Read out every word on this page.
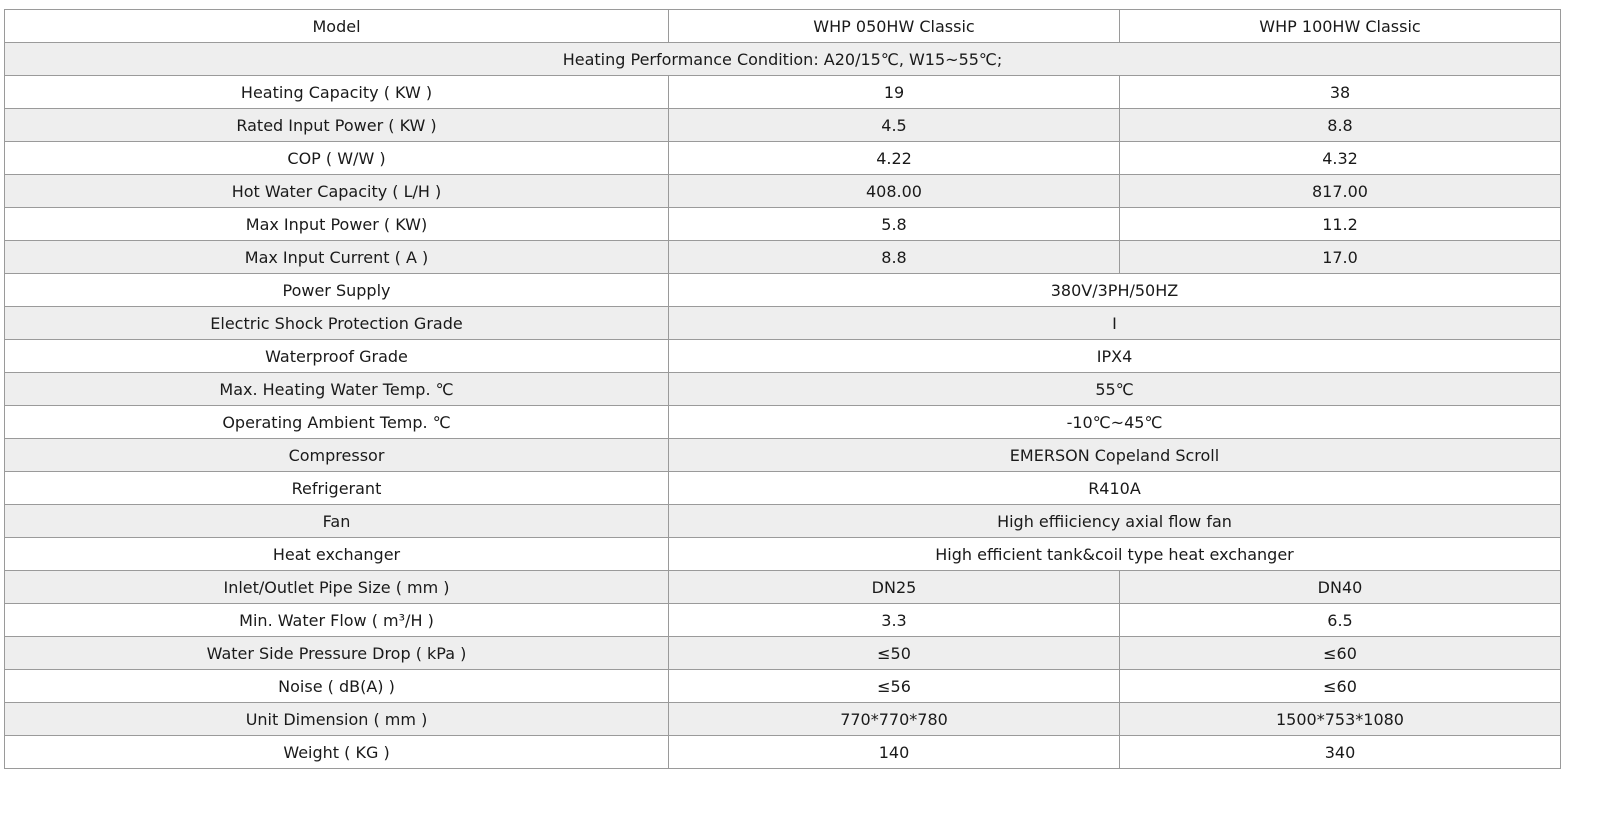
Model	WHP 050HW Classic	WHP 100HW Classic
Heating Performance Condition: A20/15℃, W15~55℃;		
Heating Capacity ( KW )	19	38
Rated Input Power ( KW )	4.5	8.8
COP ( W/W )	4.22	4.32
Hot Water Capacity ( L/H )	408.00	817.00
Max Input Power ( KW)	5.8	11.2
Max Input Current ( A )	8.8	17.0
Power Supply	380V/3PH/50HZ	
Electric Shock Protection Grade	I	
Waterproof Grade	IPX4	
Max. Heating Water Temp. ℃	55℃	
Operating Ambient Temp. ℃	-10℃~45℃	
Compressor	EMERSON Copeland Scroll	
Refrigerant	R410A	
Fan	High effiiciency axial flow fan	
Heat exchanger	High efficient tank&coil type heat exchanger	
Inlet/Outlet Pipe Size ( mm )	DN25	DN40
Min. Water Flow ( m³/H )	3.3	6.5
Water Side Pressure Drop ( kPa )	≤50	≤60
Noise ( dB(A) )	≤56	≤60
Unit Dimension ( mm )	770*770*780	1500*753*1080
Weight ( KG )	140	340
